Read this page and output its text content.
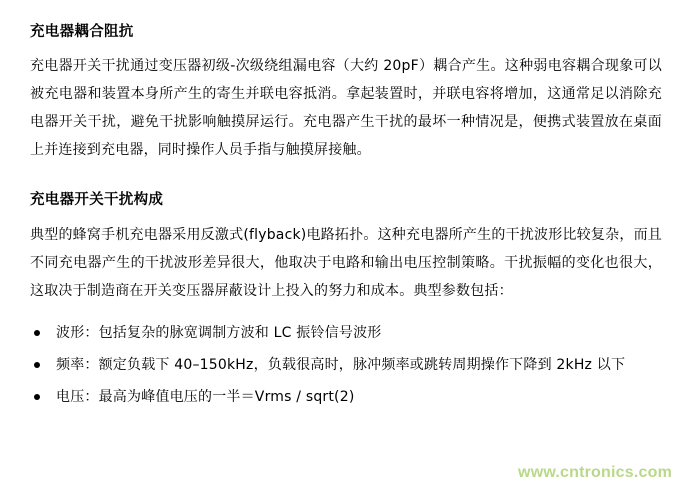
充电器耦合阻抗

充电器开关干扰通过变压器初级-次级绕组漏电容（大约 20pF）耦合产生。这种弱电容耦合现象可以被充电器和装置本身所产生的寄生并联电容抵消。拿起装置时，并联电容将增加，这通常足以消除充电器开关干扰，避免干扰影响触摸屏运行。充电器产生干扰的最坏一种情况是，便携式装置放在桌面上并连接到充电器，同时操作人员手指与触摸屏接触。

充电器开关干扰构成

典型的蜂窝手机充电器采用反激式(flyback)电路拓扑。这种充电器所产生的干扰波形比较复杂，而且不同充电器产生的干扰波形差异很大，他取决于电路和输出电压控制策略。干扰振幅的变化也很大，这取决于制造商在开关变压器屏蔽设计上投入的努力和成本。典型参数包括：

波形：包括复杂的脉宽调制方波和 LC 振铃信号波形
频率：额定负载下 40–150kHz，负载很高时，脉冲频率或跳转周期操作下降到 2kHz 以下
电压：最高为峰值电压的一半＝Vrms / sqrt(2)
www.cntronics.com
